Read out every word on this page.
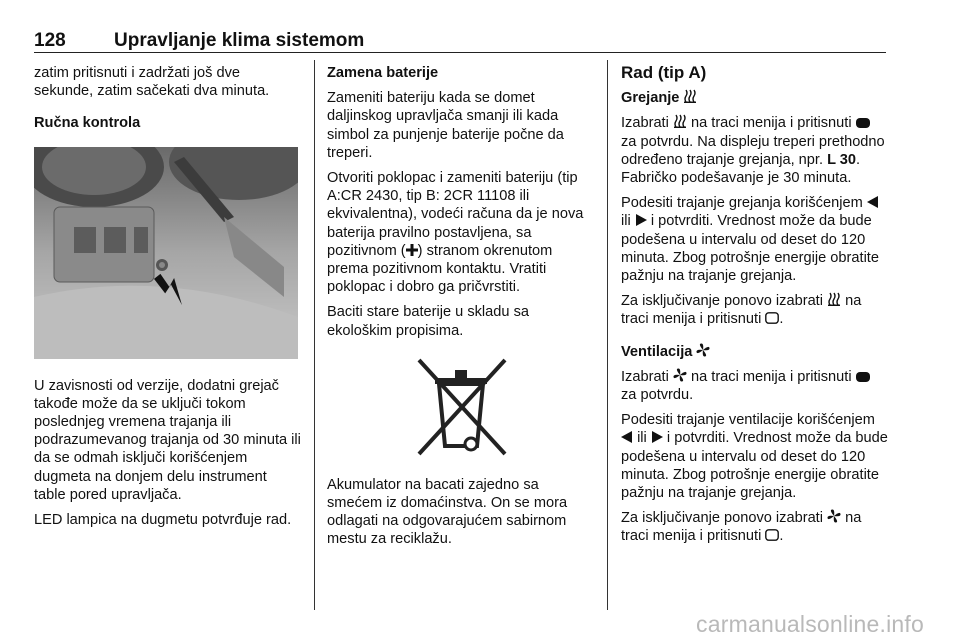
128	Upravljanje klima sistemom

zatim pritisnuti i zadržati još dve sekunde, zatim sačekati dva minuta.

Ručna kontrola

U zavisnosti od verzije, dodatni grejač takođe može da se uključi tokom poslednjeg vremena trajanja ili podrazumevanog trajanja od 30 minuta ili da se odmah isključi korišćenjem dugmeta na donjem delu instrument table pored upravljača.

LED lampica na dugmetu potvrđuje rad.

Zamena baterije

Zameniti bateriju kada se domet daljinskog upravljača smanji ili kada simbol za punjenje baterije počne da treperi.

Otvoriti poklopac i zameniti bateriju (tip A:CR 2430, tip B: 2CR 11108 ili ekvivalentna), vodeći računa da je nova baterija pravilno postavljena, sa pozitivnom ( ) stranom okrenutom prema pozitivnom kontaktu. Vratiti poklopac i dobro ga pričvrstiti.

Baciti stare baterije u skladu sa ekološkim propisima.

Akumulator na bacati zajedno sa smećem iz domaćinstva. On se mora odlagati na odgovarajućem sabirnom mestu za reciklažu.

Rad (tip A)

Grejanje

Izabrati na traci menija i pritisnuti  za potvrdu. Na displeju treperi prethodno određeno trajanje grejanja, npr. L 30. Fabričko podešavanje je 30 minuta.

Podesiti trajanje grejanja korišćenjem  ili i potvrditi. Vrednost može da bude podešena u intervalu od deset do 120 minuta. Zbog potrošnje energije obratite pažnju na trajanje grejanja.

Za isključivanje ponovo izabrati na traci menija i pritisnuti .

Ventilacija

Izabrati na traci menija i pritisnuti  za potvrdu.

Podesiti trajanje ventilacije korišćenjem  ili i potvrditi. Vrednost može da bude podešena u intervalu od deset do 120 minuta. Zbog potrošnje energije obratite pažnju na trajanje grejanja.

Za isključivanje ponovo izabrati na traci menija i pritisnuti .

carmanualsonline.info
